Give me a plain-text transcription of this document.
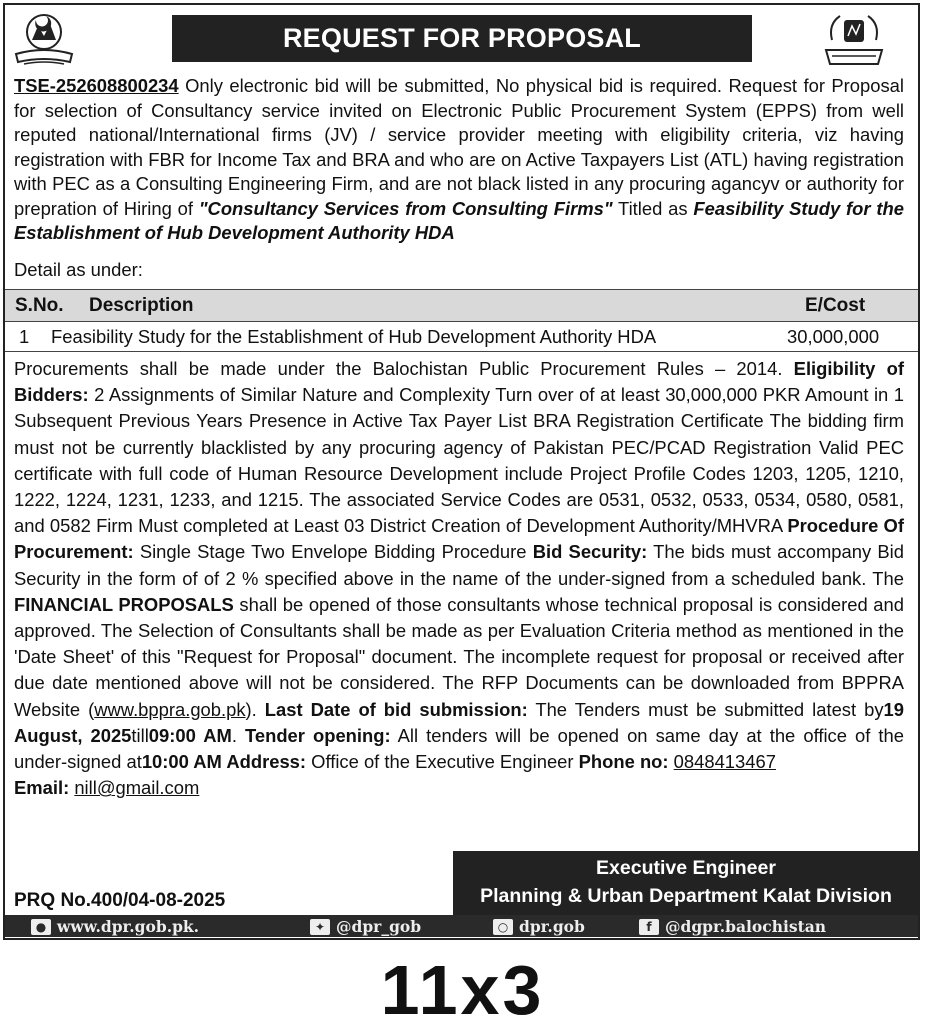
REQUEST FOR PROPOSAL
TSE-252608800234 Only electronic bid will be submitted, No physical bid is required. Request for Proposal for selection of Consultancy service invited on Electronic Public Procurement System (EPPS) from well reputed national/International firms (JV) / service provider meeting with eligibility criteria, viz having registration with FBR for Income Tax and BRA and who are on Active Taxpayers List (ATL) having registration with PEC as a Consulting Engineering Firm, and are not black listed in any procuring agancyv or authority for prepration of Hiring of "Consultancy Services from Consulting Firms" Titled as Feasibility Study for the Establishment of Hub Development Authority HDA
Detail as under:
S.No. Description	E/Cost
1 Feasibility Study for the Establishment of Hub Development Authority HDA	30,000,000
Procurements shall be made under the Balochistan Public Procurement Rules – 2014. Eligibility of Bidders: 2 Assignments of Similar Nature and Complexity Turn over of at least 30,000,000 PKR Amount in 1 Subsequent Previous Years Presence in Active Tax Payer List BRA Registration Certificate The bidding firm must not be currently blacklisted by any procuring agency of Pakistan PEC/PCAD Registration Valid PEC certificate with full code of Human Resource Development include Project Profile Codes 1203, 1205, 1210, 1222, 1224, 1231, 1233, and 1215. The associated Service Codes are 0531, 0532, 0533, 0534, 0580, 0581, and 0582 Firm Must completed at Least 03 District Creation of Development Authority/MHVRA Procedure Of Procurement: Single Stage Two Envelope Bidding Procedure Bid Security: The bids must accompany Bid Security in the form of of 2 % specified above in the name of the under-signed from a scheduled bank. The FINANCIAL PROPOSALS shall be opened of those consultants whose technical proposal is considered and approved. The Selection of Consultants shall be made as per Evaluation Criteria method as mentioned in the 'Date Sheet' of this "Request for Proposal" document. The incomplete request for proposal or received after due date mentioned above will not be considered. The RFP Documents can be downloaded from BPPRA Website (www.bppra.gob.pk). Last Date of bid submission: The Tenders must be submitted latest by19 August, 2025till09:00 AM. Tender opening: All tenders will be opened on same day at the office of the under-signed at10:00 AM Address: Office of the Executive Engineer Phone no: 0848413467
Email: nill@gmail.com
Executive Engineer
Planning & Urban Department Kalat Division
PRQ No.400/04-08-2025
● www.dpr.gob.pk.	✦ @dpr_gob	○ dpr.gob	f @dgpr.balochistan
11x3
